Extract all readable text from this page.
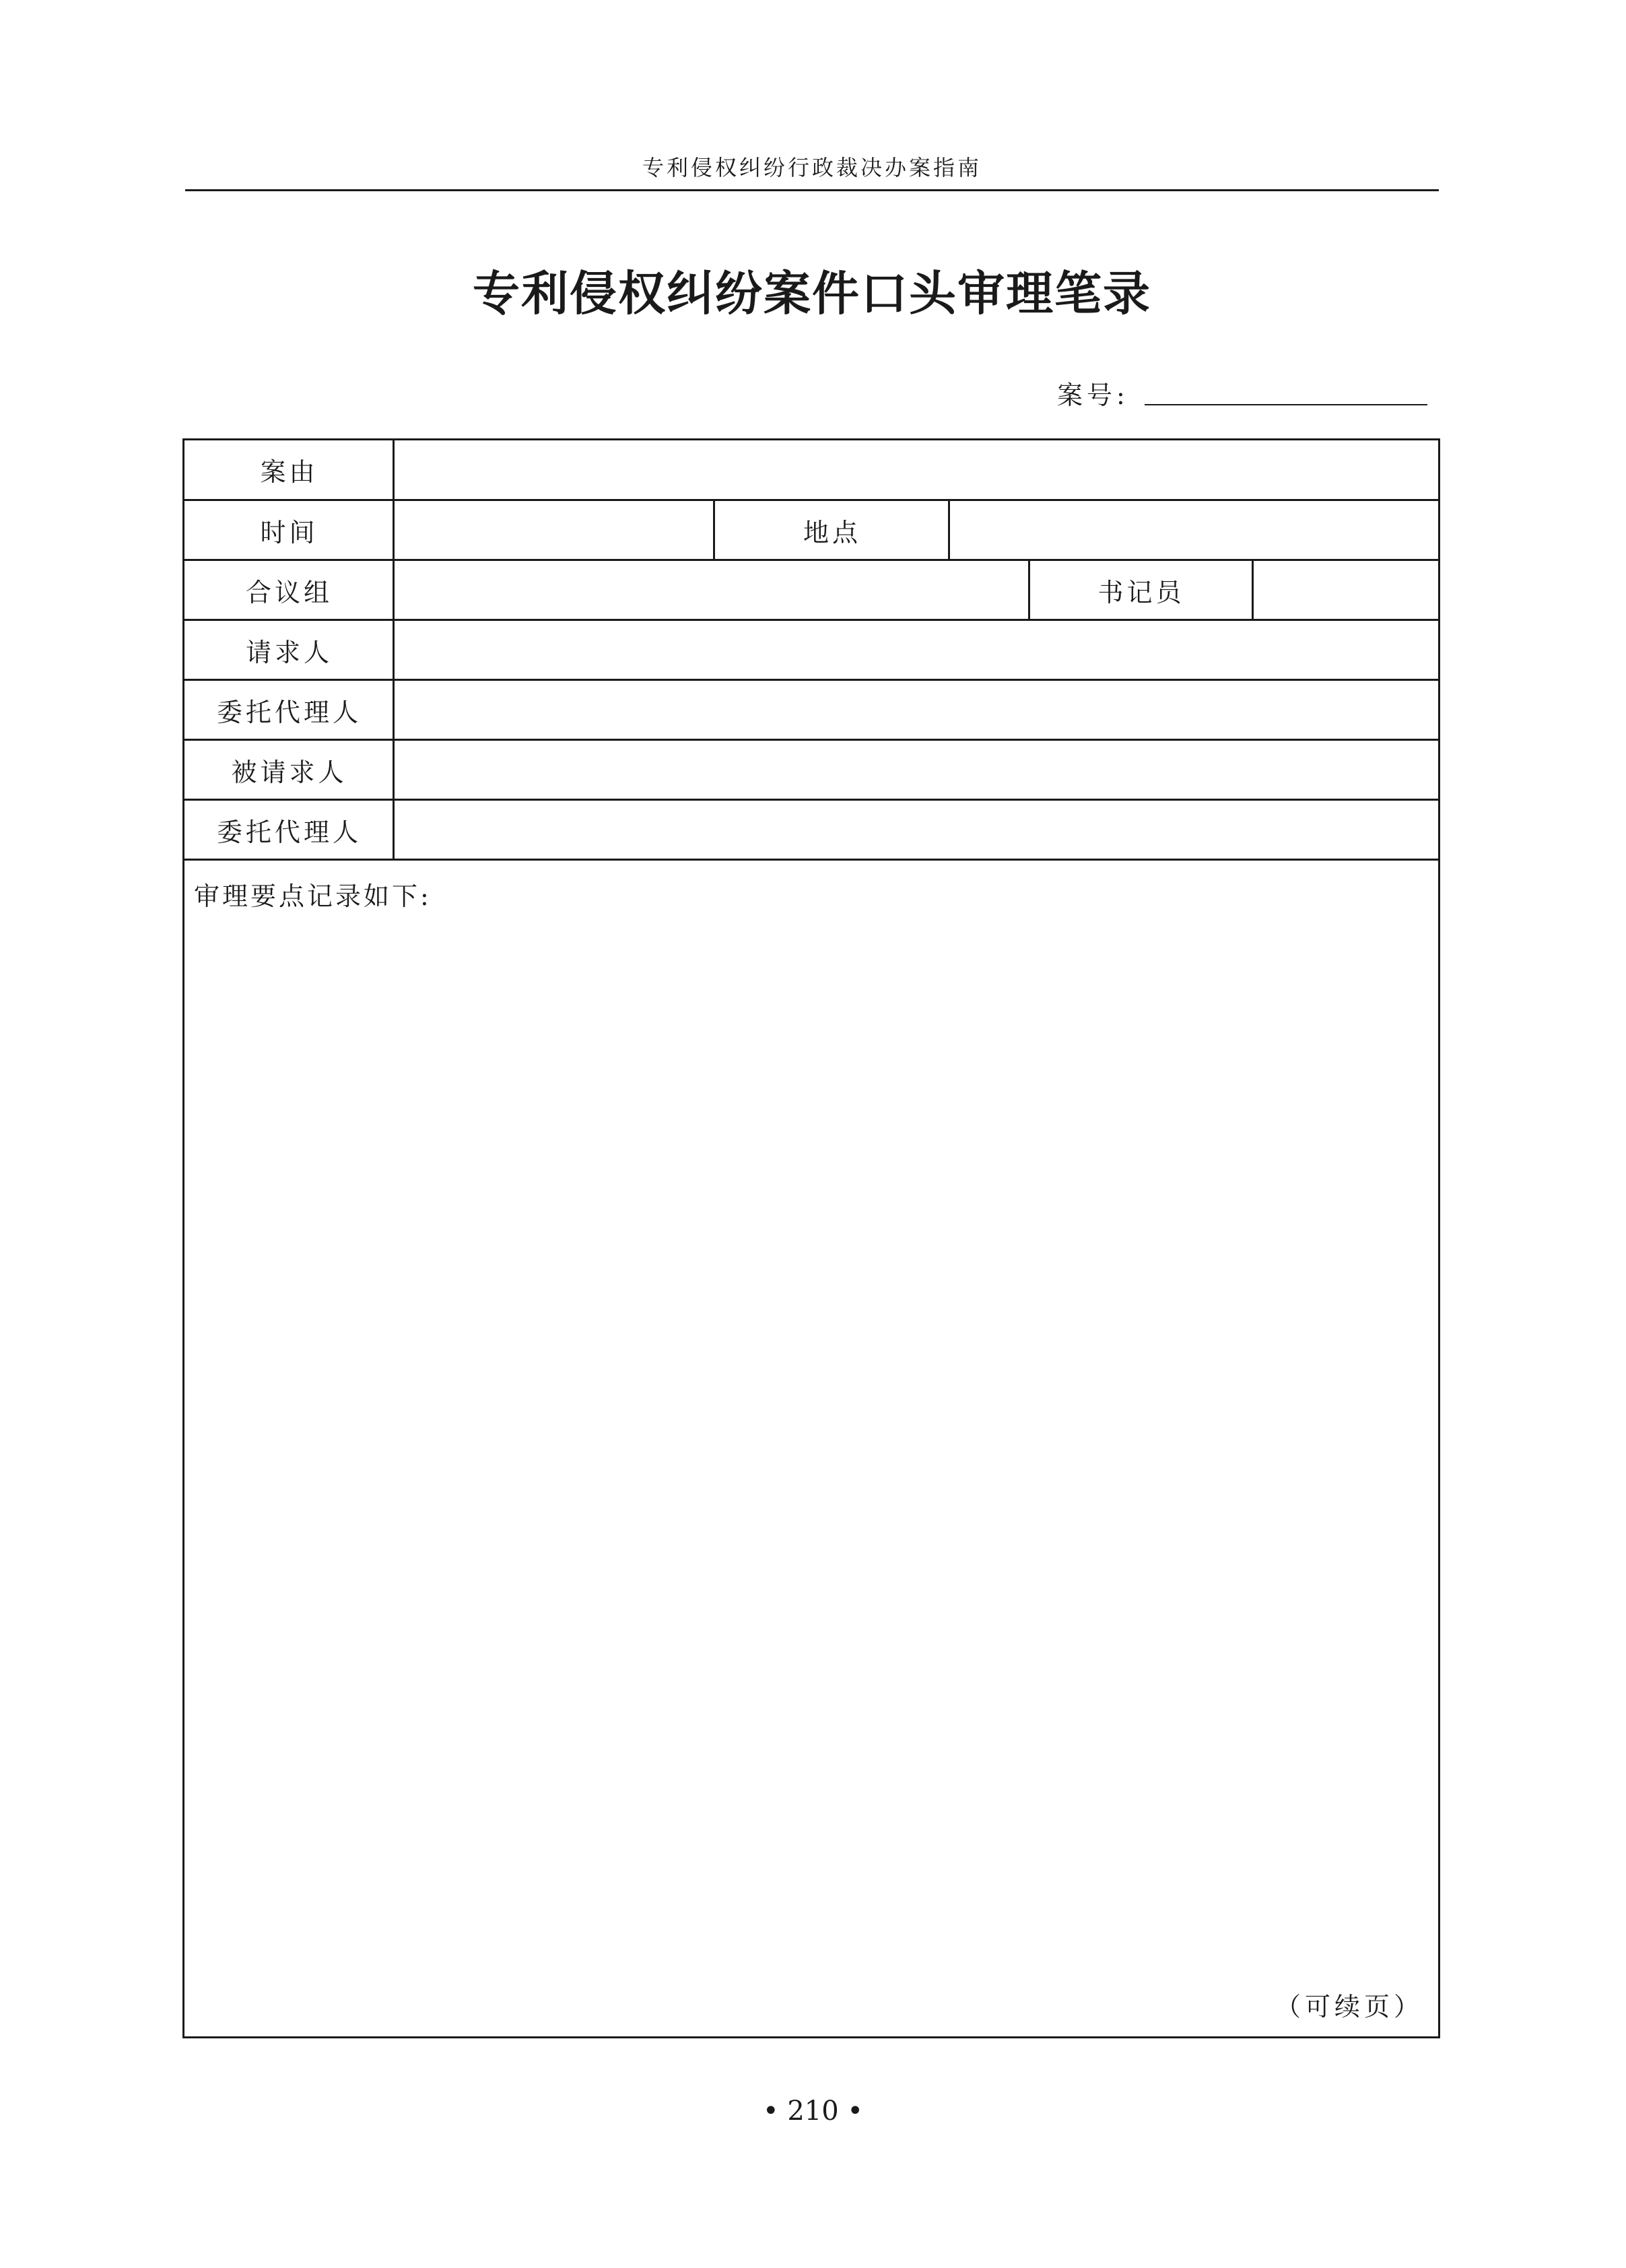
专利侵权纠纷行政裁决办案指南
专利侵权纠纷案件口头审理笔录
案号:
案由
时间	地点
合议组	书记员
请求人
委托代理人
被请求人
委托代理人
审理要点记录如下:
（可续页）
• 210 •
